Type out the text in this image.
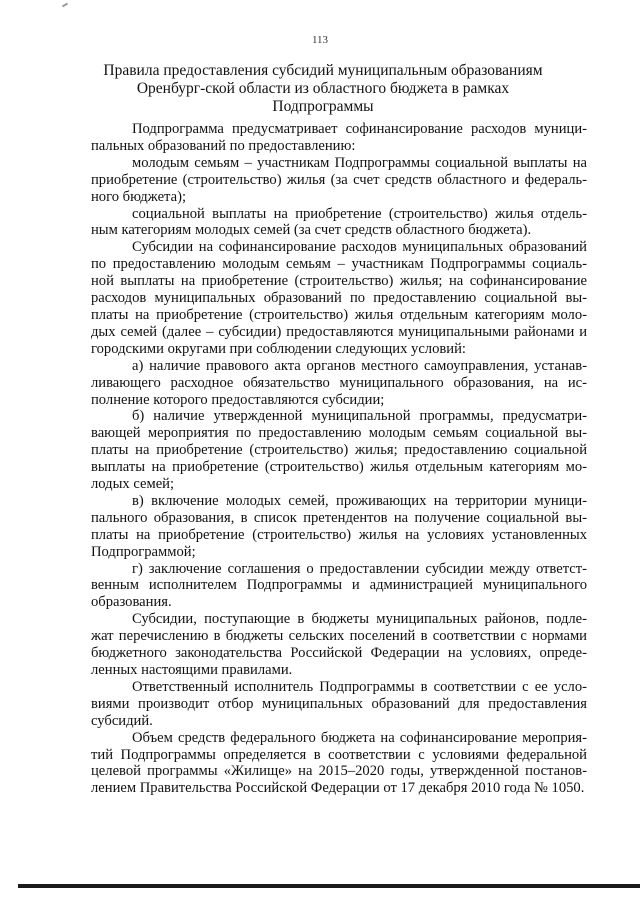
113
Правила предоставления субсидий муниципальным образованиям Оренбург-ской области из областного бюджета в рамках Подпрограммы

Подпрограмма предусматривает софинансирование расходов муници-пальных образований по предоставлению:

молодым семьям – участникам Подпрограммы социальной выплаты на приобретение (строительство) жилья (за счет средств областного и федераль-ного бюджета);

социальной выплаты на приобретение (строительство) жилья отдель-ным категориям молодых семей (за счет средств областного бюджета).

Субсидии на софинансирование расходов муниципальных образований по предоставлению молодым семьям – участникам Подпрограммы социаль-ной выплаты на приобретение (строительство) жилья; на софинансирование расходов муниципальных образований по предоставлению социальной вы-платы на приобретение (строительство) жилья отдельным категориям моло-дых семей (далее – субсидии) предоставляются муниципальными районами и городскими округами при соблюдении следующих условий:

а) наличие правового акта органов местного самоуправления, устанав-ливающего расходное обязательство муниципального образования, на ис-полнение которого предоставляются субсидии;

б) наличие утвержденной муниципальной программы, предусматри-вающей мероприятия по предоставлению молодым семьям социальной вы-платы на приобретение (строительство) жилья; предоставлению социальной выплаты на приобретение (строительство) жилья отдельным категориям мо-лодых семей;

в) включение молодых семей, проживающих на территории муници-пального образования, в список претендентов на получение социальной вы-платы на приобретение (строительство) жилья на условиях установленных Подпрограммой;

г) заключение соглашения о предоставлении субсидии между ответст-венным исполнителем Подпрограммы и администрацией муниципального образования.

Субсидии, поступающие в бюджеты муниципальных районов, подле-жат перечислению в бюджеты сельских поселений в соответствии с нормами бюджетного законодательства Российской Федерации на условиях, опреде-ленных настоящими правилами.

Ответственный исполнитель Подпрограммы в соответствии с ее усло-виями производит отбор муниципальных образований для предоставления субсидий.

Объем средств федерального бюджета на софинансирование мероприя-тий Подпрограммы определяется в соответствии с условиями федеральной целевой программы «Жилище» на 2015–2020 годы, утвержденной постанов-лением Правительства Российской Федерации от 17 декабря 2010 года № 1050.
